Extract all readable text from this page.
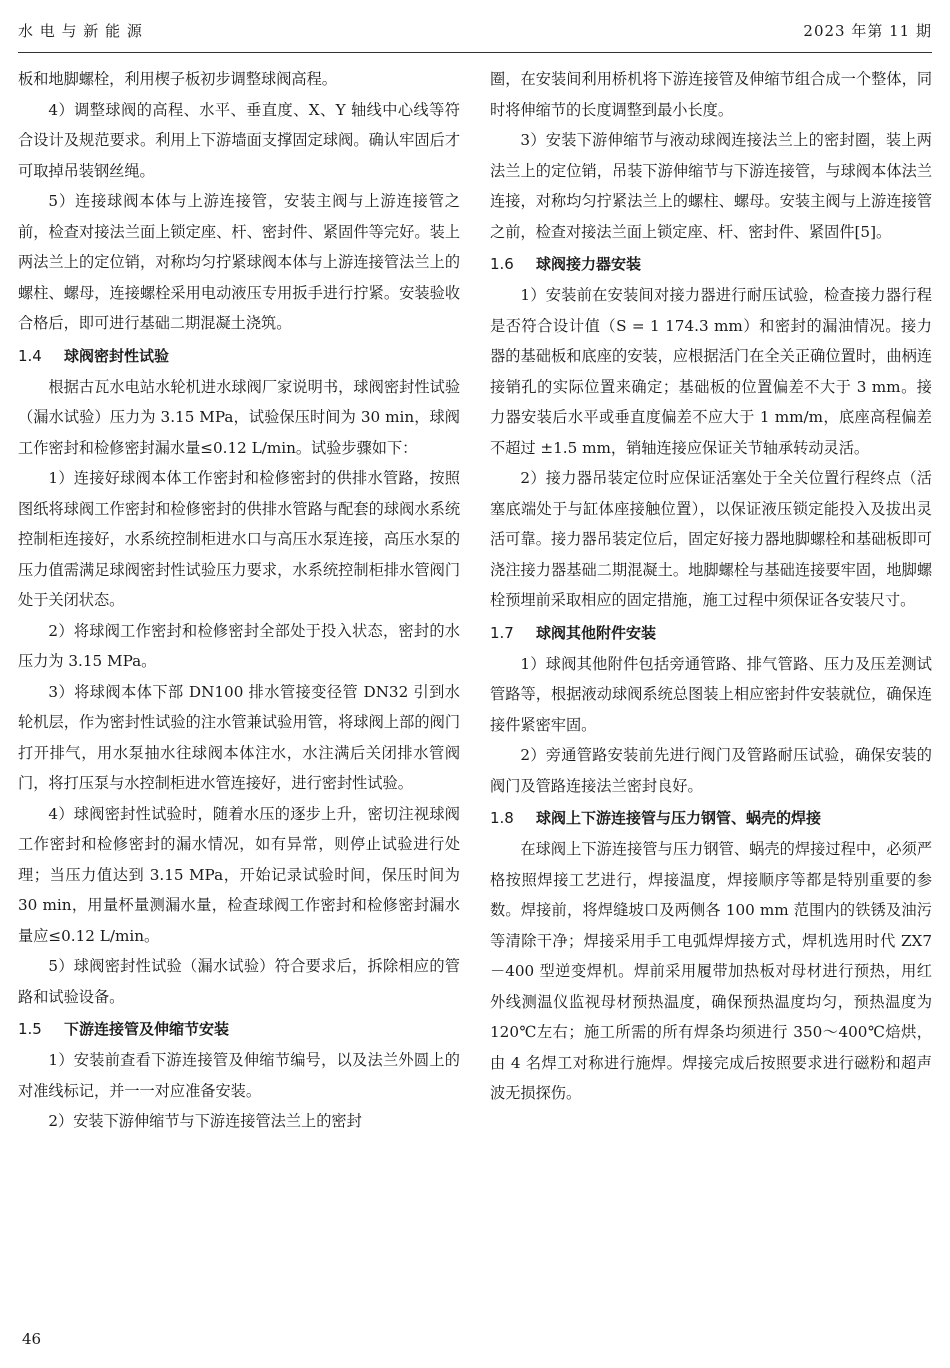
水 电 与 新 能 源	2023 年第 11 期

板和地脚螺栓，利用楔子板初步调整球阀高程。

4）调整球阀的高程、水平、垂直度、X、Y 轴线中心线等符合设计及规范要求。利用上下游墙面支撑固定球阀。确认牢固后才可取掉吊装钢丝绳。

5）连接球阀本体与上游连接管，安装主阀与上游连接管之前，检查对接法兰面上锁定座、杆、密封件、紧固件等完好。装上两法兰上的定位销，对称均匀拧紧球阀本体与上游连接管法兰上的螺柱、螺母，连接螺栓采用电动液压专用扳手进行拧紧。安装验收合格后，即可进行基础二期混凝土浇筑。

1.4 球阀密封性试验

根据古瓦水电站水轮机进水球阀厂家说明书，球阀密封性试验（漏水试验）压力为 3.15 MPa，试验保压时间为 30 min，球阀工作密封和检修密封漏水量≤0.12 L/min。试验步骤如下：

1）连接好球阀本体工作密封和检修密封的供排水管路，按照图纸将球阀工作密封和检修密封的供排水管路与配套的球阀水系统控制柜连接好，水系统控制柜进水口与高压水泵连接，高压水泵的压力值需满足球阀密封性试验压力要求，水系统控制柜排水管阀门处于关闭状态。

2）将球阀工作密封和检修密封全部处于投入状态，密封的水压力为 3.15 MPa。

3）将球阀本体下部 DN100 排水管接变径管 DN32 引到水轮机层，作为密封性试验的注水管兼试验用管，将球阀上部的阀门打开排气，用水泵抽水往球阀本体注水，水注满后关闭排水管阀门，将打压泵与水控制柜进水管连接好，进行密封性试验。

4）球阀密封性试验时，随着水压的逐步上升，密切注视球阀工作密封和检修密封的漏水情况，如有异常，则停止试验进行处理；当压力值达到 3.15 MPa，开始记录试验时间，保压时间为 30 min，用量杯量测漏水量，检查球阀工作密封和检修密封漏水量应≤0.12 L/min。

5）球阀密封性试验（漏水试验）符合要求后，拆除相应的管路和试验设备。

1.5 下游连接管及伸缩节安装

1）安装前查看下游连接管及伸缩节编号，以及法兰外圆上的对准线标记，并一一对应准备安装。

2）安装下游伸缩节与下游连接管法兰上的密封

圈，在安装间利用桥机将下游连接管及伸缩节组合成一个整体，同时将伸缩节的长度调整到最小长度。

3）安装下游伸缩节与液动球阀连接法兰上的密封圈，装上两法兰上的定位销，吊装下游伸缩节与下游连接管，与球阀本体法兰连接，对称均匀拧紧法兰上的螺柱、螺母。安装主阀与上游连接管之前，检查对接法兰面上锁定座、杆、密封件、紧固件[5]。

1.6 球阀接力器安装

1）安装前在安装间对接力器进行耐压试验，检查接力器行程是否符合设计值（S = 1 174.3 mm）和密封的漏油情况。接力器的基础板和底座的安装，应根据活门在全关正确位置时，曲柄连接销孔的实际位置来确定；基础板的位置偏差不大于 3 mm。接力器安装后水平或垂直度偏差不应大于 1 mm/m，底座高程偏差不超过 ±1.5 mm，销轴连接应保证关节轴承转动灵活。

2）接力器吊装定位时应保证活塞处于全关位置行程终点（活塞底端处于与缸体座接触位置），以保证液压锁定能投入及拔出灵活可靠。接力器吊装定位后，固定好接力器地脚螺栓和基础板即可浇注接力器基础二期混凝土。地脚螺栓与基础连接要牢固，地脚螺栓预埋前采取相应的固定措施，施工过程中须保证各安装尺寸。

1.7 球阀其他附件安装

1）球阀其他附件包括旁通管路、排气管路、压力及压差测试管路等，根据液动球阀系统总图装上相应密封件安装就位，确保连接件紧密牢固。

2）旁通管路安装前先进行阀门及管路耐压试验，确保安装的阀门及管路连接法兰密封良好。

1.8 球阀上下游连接管与压力钢管、蜗壳的焊接

在球阀上下游连接管与压力钢管、蜗壳的焊接过程中，必须严格按照焊接工艺进行，焊接温度，焊接顺序等都是特别重要的参数。焊接前，将焊缝坡口及两侧各 100 mm 范围内的铁锈及油污等清除干净；焊接采用手工电弧焊焊接方式，焊机选用时代 ZX7－400 型逆变焊机。焊前采用履带加热板对母材进行预热，用红外线测温仪监视母材预热温度，确保预热温度均匀，预热温度为 120℃左右；施工所需的所有焊条均须进行 350～400℃焙烘，由 4 名焊工对称进行施焊。焊接完成后按照要求进行磁粉和超声波无损探伤。

46
